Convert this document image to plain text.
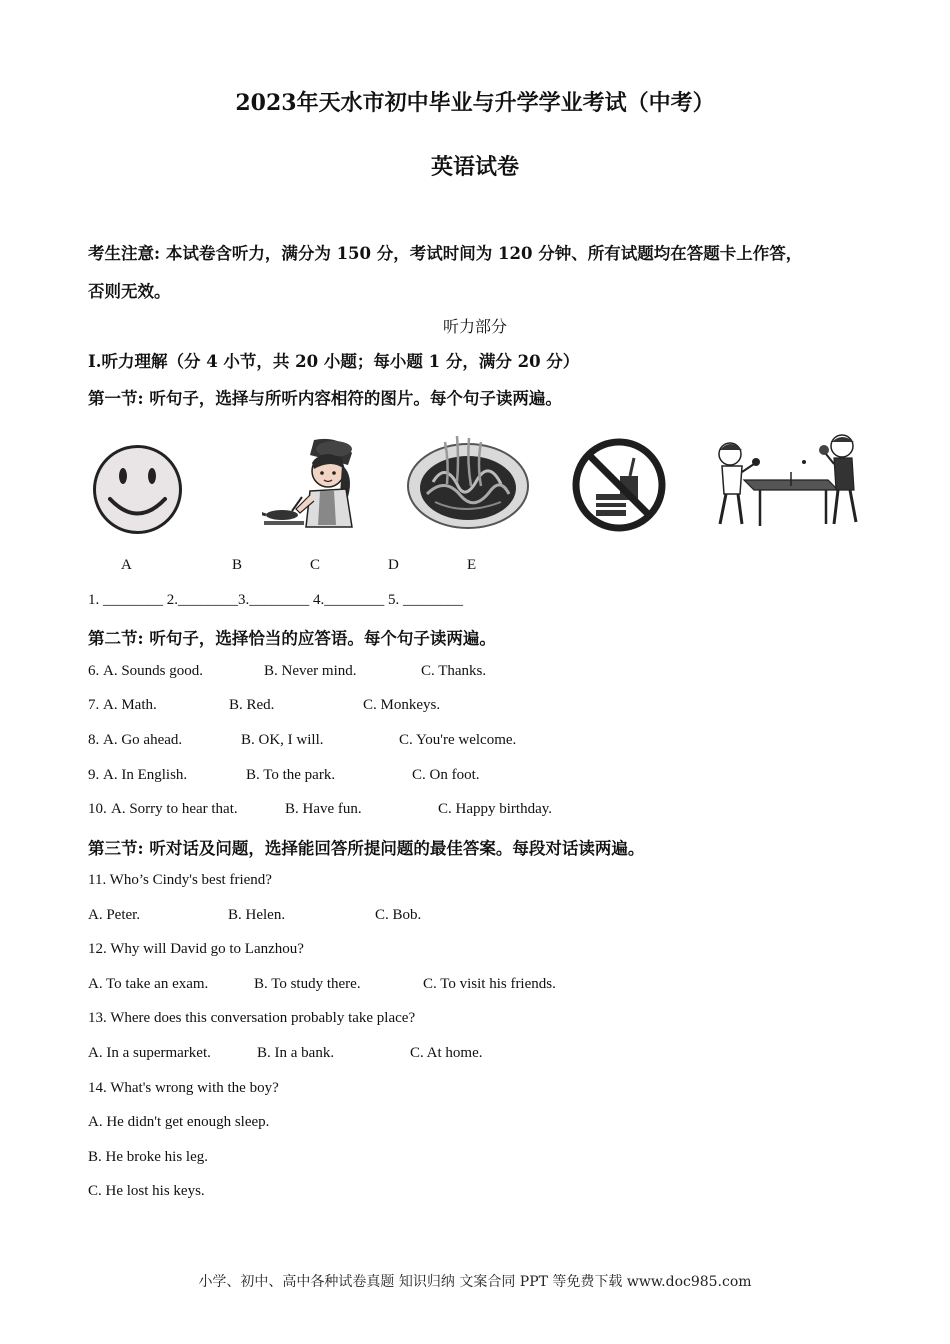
2023年天水市初中毕业与升学学业考试（中考）
英语试卷
考生注意: 本试卷含听力，满分为 150 分，考试时间为 120 分钟、所有试题均在答题卡上作答，
否则无效。
听力部分
Ⅰ.听力理解（分 4 小节，共 20 小题；每小题 1 分，满分 20 分）
第一节: 听句子，选择与所听内容相符的图片。每个句子读两遍。
A	B	C	D	E
1. ________ 2.________3.________ 4.________ 5. ________
第二节: 听句子，选择恰当的应答语。每个句子读两遍。
6. A. Sounds good.	B. Never mind.	C. Thanks.
7. A. Math.	B. Red.	C. Monkeys.
8. A. Go ahead.	B. OK, I will.	C. You're welcome.
9. A. In English.	B. To the park.	C. On foot.
10. A. Sorry to hear that.	B. Have fun.	C. Happy birthday.
第三节: 听对话及问题，选择能回答所提问题的最佳答案。每段对话读两遍。
11. Who’s Cindy's best friend?
A. Peter.	B. Helen.	C. Bob.
12. Why will David go to Lanzhou?
A. To take an exam.	B. To study there.	C. To visit his friends.
13. Where does this conversation probably take place?
A. In a supermarket.	B. In a bank.	C. At home.
14. What's wrong with the boy?
A. He didn't get enough sleep.
B. He broke his leg.
C. He lost his keys.
小学、初中、高中各种试卷真题 知识归纳 文案合同 PPT 等免费下载 www.doc985.com
